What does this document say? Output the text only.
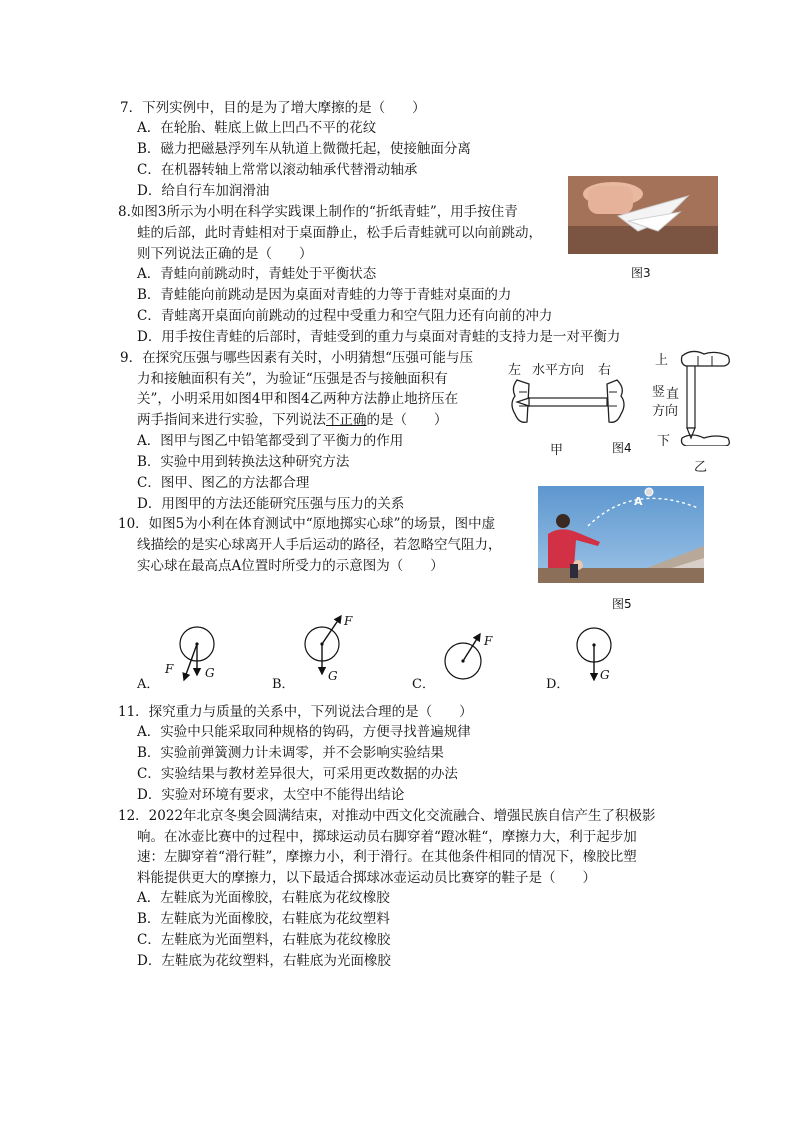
7．下列实例中，目的是为了增大摩擦的是（　　）
A．在轮胎、鞋底上做上凹凸不平的花纹
B．磁力把磁悬浮列车从轨道上微微托起，使接触面分离
C．在机器转轴上常常以滚动轴承代替滑动轴承
D．给自行车加润滑油
图3
8.如图3所示为小明在科学实践课上制作的“折纸青蛙”，用手按住青
蛙的后部，此时青蛙相对于桌面静止，松手后青蛙就可以向前跳动，
则下列说法正确的是（　　）
A．青蛙向前跳动时，青蛙处于平衡状态
B．青蛙能向前跳动是因为桌面对青蛙的力等于青蛙对桌面的力
C．青蛙离开桌面向前跳动的过程中受重力和空气阻力还有向前的冲力
D．用手按住青蛙的后部时，青蛙受到的重力与桌面对青蛙的支持力是一对平衡力
9．在探究压强与哪些因素有关时，小明猜想“压强可能与压
力和接触面积有关”，为验证“压强是否与接触面积有
关”，小明采用如图4甲和图4乙两种方法静止地挤压在
两手指间来进行实验，下列说法不正确的是（　　）
A．图甲与图乙中铅笔都受到了平衡力的作用
B．实验中用到转换法这种研究方法
C．图甲、图乙的方法都合理
D．用图甲的方法还能研究压强与压力的关系
左 水平方向 右
甲	图4
上
竖 直
方向
下
乙
A
图5
10．如图5为小利在体育测试中“原地掷实心球”的场景，图中虚
线描绘的是实心球离开人手后运动的路径，若忽略空气阻力，
实心球在最高点A位置时所受力的示意图为（　　）
A．
F	G
B．
F
G
C．
F
D．
G
11．探究重力与质量的关系中，下列说法合理的是（　　）
A．实验中只能采取同种规格的钩码，方便寻找普遍规律
B．实验前弹簧测力计未调零，并不会影响实验结果
C．实验结果与教材差异很大，可采用更改数据的办法
D．实验对环境有要求，太空中不能得出结论
12．2022年北京冬奥会圆满结束，对推动中西文化交流融合、增强民族自信产生了积极影
响。在冰壶比赛中的过程中，掷球运动员右脚穿着“蹬冰鞋“，摩擦力大，利于起步加
速：左脚穿着“滑行鞋”，摩擦力小，利于滑行。在其他条件相同的情况下，橡胶比塑
料能提供更大的摩擦力，以下最适合掷球冰壶运动员比赛穿的鞋子是（　　）
A．左鞋底为光面橡胶，右鞋底为花纹橡胶
B．左鞋底为光面橡胶，右鞋底为花纹塑料
C．左鞋底为光面塑料，右鞋底为花纹橡胶
D．左鞋底为花纹塑料，右鞋底为光面橡胶
